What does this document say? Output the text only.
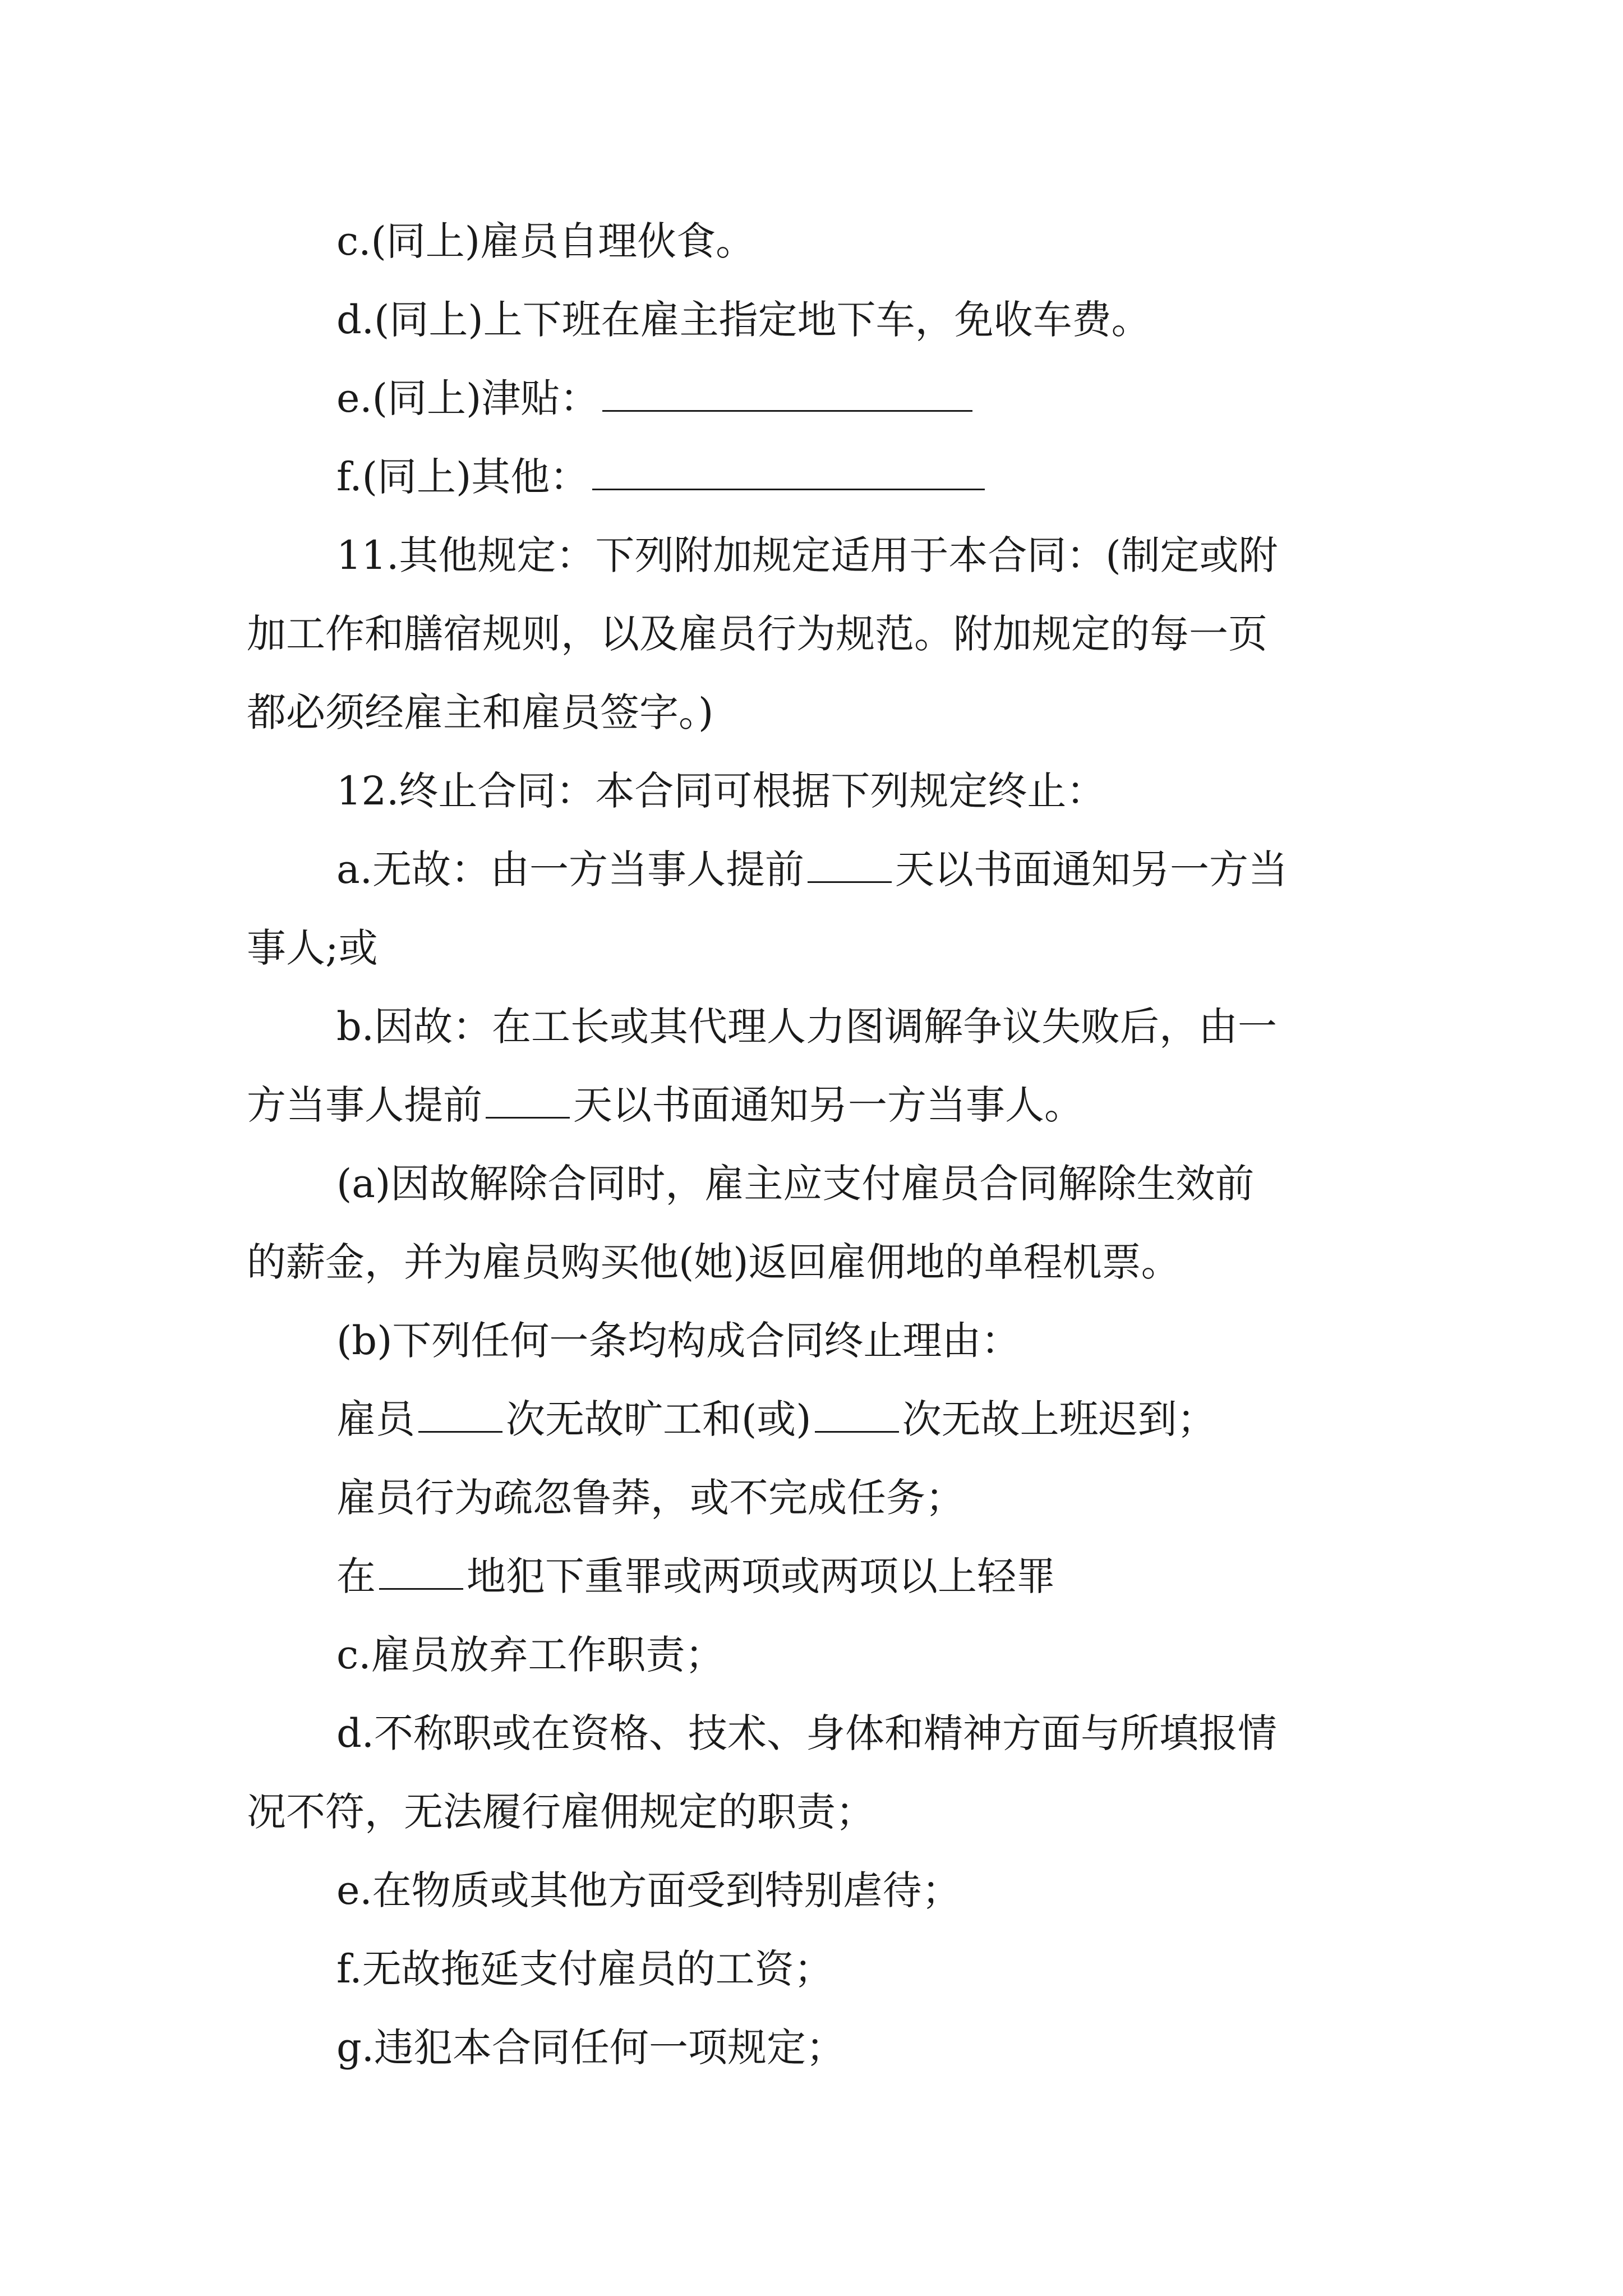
c.(同上)雇员自理伙食。
d.(同上)上下班在雇主指定地下车，免收车费。
e.(同上)津贴：
f.(同上)其他：
11.其他规定：下列附加规定适用于本合同：(制定或附
加工作和膳宿规则，以及雇员行为规范。附加规定的每一页
都必须经雇主和雇员签字。)
12.终止合同：本合同可根据下列规定终止：
a.无故：由一方当事人提前 天以书面通知另一方当
事人;或
b.因故：在工长或其代理人力图调解争议失败后，由一
方当事人提前 天以书面通知另一方当事人。
(a)因故解除合同时，雇主应支付雇员合同解除生效前
的薪金，并为雇员购买他(她)返回雇佣地的单程机票。
(b)下列任何一条均构成合同终止理由：
雇员 次无故旷工和(或) 次无故上班迟到；
雇员行为疏忽鲁莽，或不完成任务；
在 地犯下重罪或两项或两项以上轻罪
c.雇员放弃工作职责；
d.不称职或在资格、技术、身体和精神方面与所填报情
况不符，无法履行雇佣规定的职责；
e.在物质或其他方面受到特别虐待；
f.无故拖延支付雇员的工资；
g.违犯本合同任何一项规定；
